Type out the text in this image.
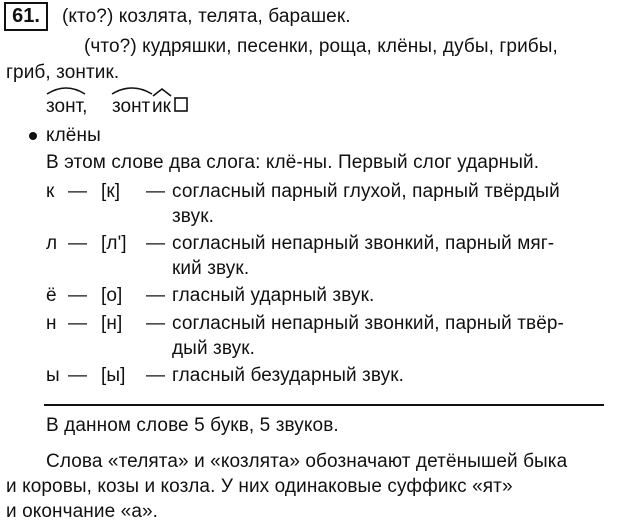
61.	(кто?) козлята, телята, барашек.
(что?) кудряшки, песенки, роща, клёны, дубы, грибы,
гриб, зонтик.
зонт, зонт ик
клёны
В этом слове два слога: клё-ны. Первый слог ударный.
к — [к] — согласный парный глухой, парный твёрдый
звук.
л — [л'] — согласный непарный звонкий, парный мяг-
кий звук.
ё — [о] — гласный ударный звук.
н — [н] — согласный непарный звонкий, парный твёр-
дый звук.
ы — [ы] — гласный безударный звук.
В данном слове 5 букв, 5 звуков.
Слова «телята» и «козлята» обозначают детёнышей быка
и коровы, козы и козла. У них одинаковые суффикс «ят»
и окончание «а».
